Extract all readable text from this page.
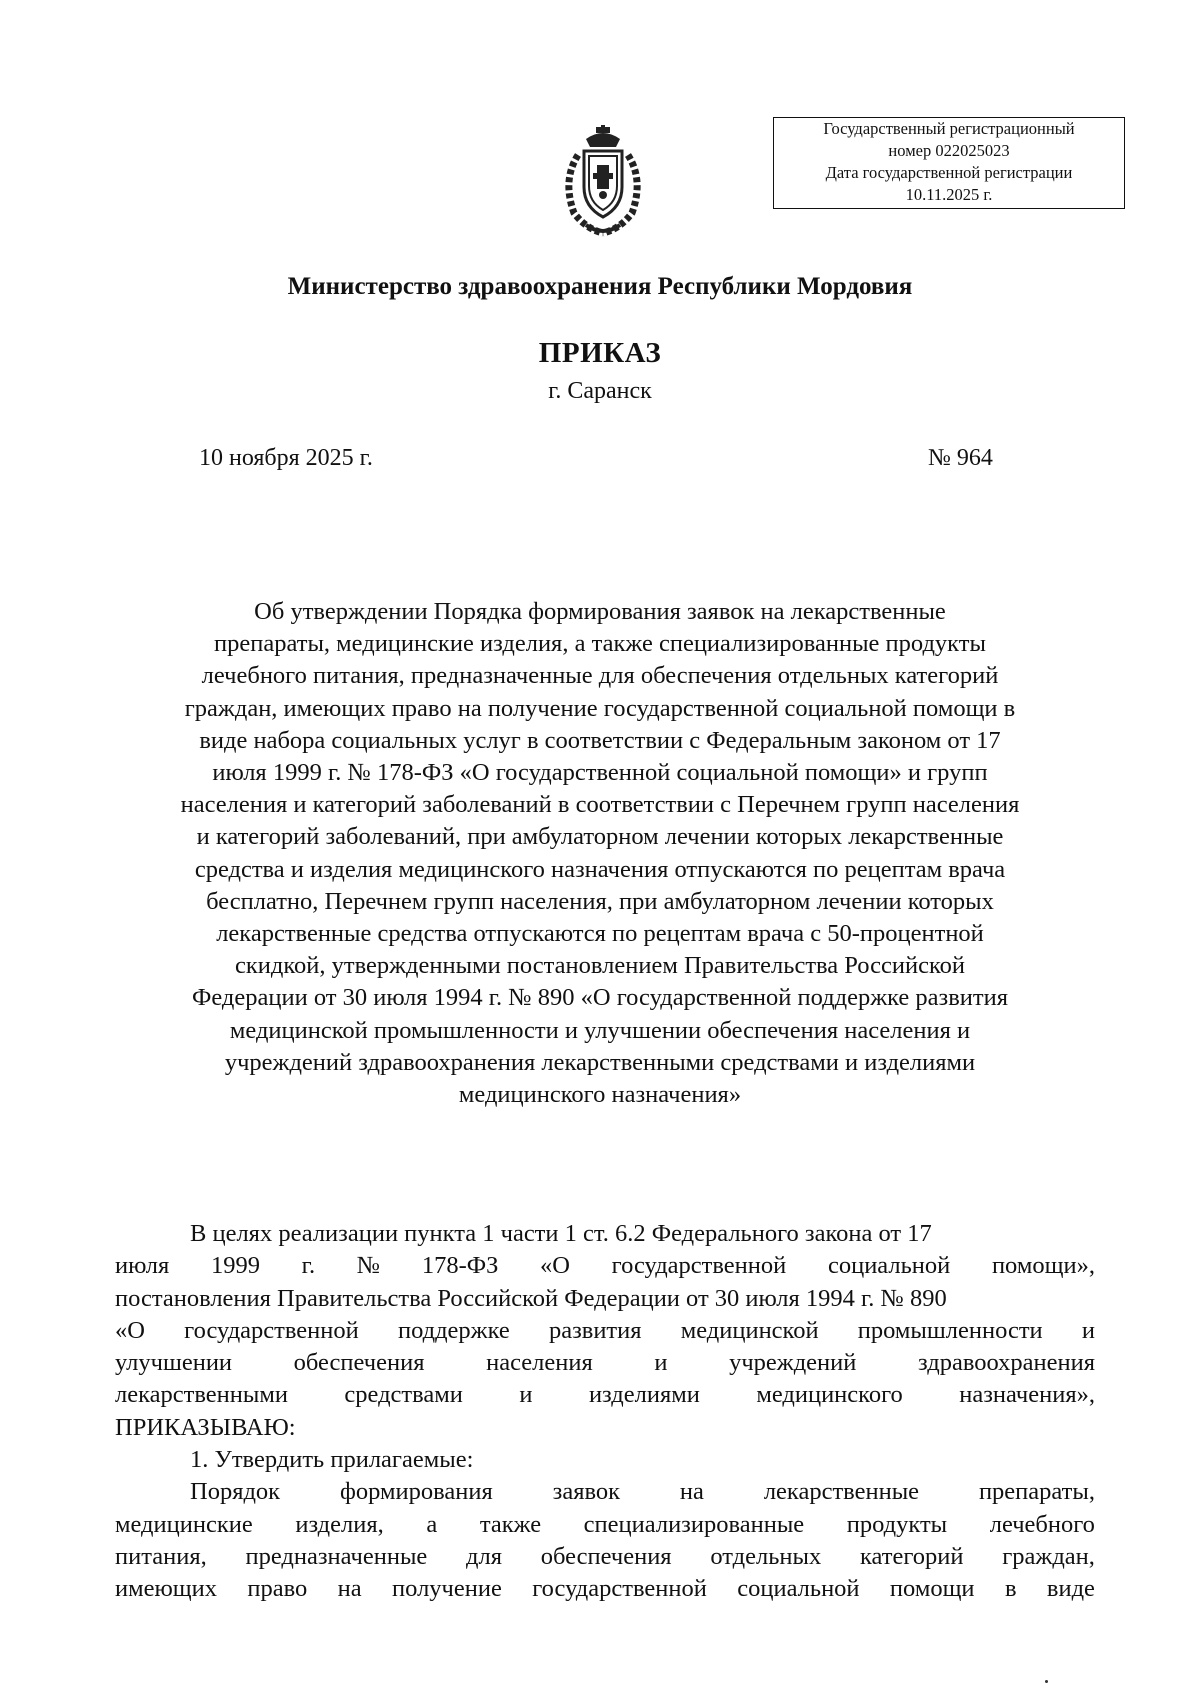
Государственный регистрационный
номер 022025023
Дата государственной регистрации
10.11.2025 г.
Министерство здравоохранения Республики Мордовия
ПРИКАЗ
г. Саранск
10 ноября 2025 г.	№ 964
Об утверждении Порядка формирования заявок на лекарственные
препараты, медицинские изделия, а также специализированные продукты
лечебного питания, предназначенные для обеспечения отдельных категорий
граждан, имеющих право на получение государственной социальной помощи в
виде набора социальных услуг в соответствии с Федеральным законом от 17
июля 1999 г. № 178-ФЗ «О государственной социальной помощи» и групп
населения и категорий заболеваний в соответствии с Перечнем групп населения
и категорий заболеваний, при амбулаторном лечении которых лекарственные
средства и изделия медицинского назначения отпускаются по рецептам врача
бесплатно, Перечнем групп населения, при амбулаторном лечении которых
лекарственные средства отпускаются по рецептам врача с 50-процентной
скидкой, утвержденными постановлением Правительства Российской
Федерации от 30 июля 1994 г. № 890 «О государственной поддержке развития
медицинской промышленности и улучшении обеспечения населения и
учреждений здравоохранения лекарственными средствами и изделиями
медицинского назначения»
В целях реализации пункта 1 части 1 ст. 6.2 Федерального закона от 17
июля 1999 г. № 178-ФЗ «О государственной социальной помощи»,
постановления Правительства Российской Федерации от 30 июля 1994 г. № 890
«О государственной поддержке развития медицинской промышленности и
улучшении	обеспечения	населения	и	учреждений	здравоохранения
лекарственными средствами и изделиями медицинского назначения»,
ПРИКАЗЫВАЮ:
1. Утвердить прилагаемые:
Порядок формирования заявок на лекарственные препараты,
медицинские изделия, а также специализированные продукты лечебного
питания, предназначенные для обеспечения отдельных категорий граждан,
имеющих право на получение государственной социальной помощи в виде
